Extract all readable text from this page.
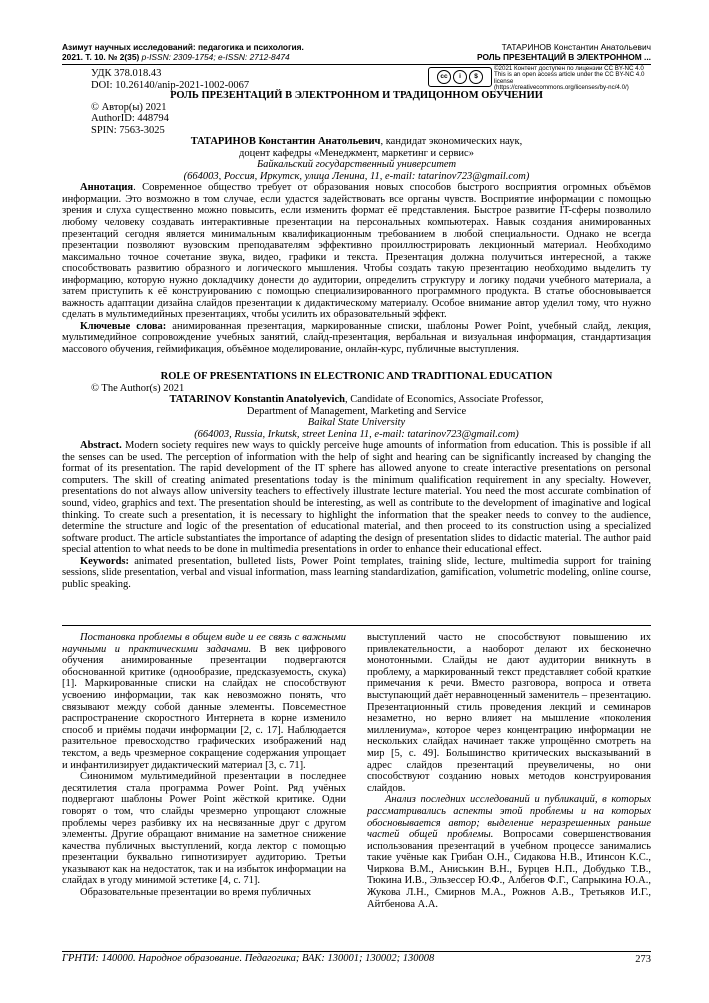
Азимут научных исследований: педагогика и психология.
2021. Т. 10. № 2(35) p-ISSN: 2309-1754; e-ISSN: 2712-8474
ТАТАРИНОВ Константин Анатольевич
РОЛЬ ПРЕЗЕНТАЦИЙ В ЭЛЕКТРОННОМ ...
УДК 378.018.43
DOI: 10.26140/anip-2021-1002-0067
cc	i	$
©2021 Контент доступен по лицензии CC BY-NC 4.0
This is an open access article under the CC BY-NC 4.0 license
(https://creativecommons.org/licenses/by-nc/4.0/)
РОЛЬ ПРЕЗЕНТАЦИЙ В ЭЛЕКТРОННОМ И ТРАДИЦОННОМ ОБУЧЕНИИ
© Автор(ы) 2021
AuthorID: 448794
SPIN: 7563-3025
ТАТАРИНОВ Константин Анатольевич, кандидат экономических наук,
доцент кафедры «Менеджмент, маркетинг и сервис»
Байкальский государственный университет
(664003, Россия, Иркутск, улица Ленина, 11, e-mail: tatarinov723@gmail.com)

Аннотация. Современное общество требует от образования новых способов быстрого восприятия огромных объёмов информации. Это возможно в том случае, если удастся задействовать все органы чувств. Восприятие информации с помощью зрения и слуха существенно можно повысить, если изменить формат её представления. Быстрое развитие IT-сферы позволило любому человеку создавать интерактивные презентации на персональных компьютерах. Навык создания анимированных презентаций сегодня является минимальным квалификационным требованием в любой специальности. Однако не всегда презентации позволяют вузовским преподавателям эффективно проиллюстрировать лекционный материал. Необходимо максимально точное сочетание звука, видео, графики и текста. Презентация должна получиться интересной, а также способствовать развитию образного и логического мышления. Чтобы создать такую презентацию необходимо выделить ту информацию, которую нужно докладчику донести до аудитории, определить структуру и логику подачи учебного материала, а затем приступить к её конструированию с помощью специализированного программного продукта. В статье обосновывается важность адаптации дизайна слайдов презентации к дидактическому материалу. Особое внимание автор уделил тому, что нужно сделать в мультимедийных презентациях, чтобы усилить их образовательный эффект.

Ключевые слова: анимированная презентация, маркированные списки, шаблоны Power Point, учебный слайд, лекция, мультимедийное сопровождение учебных занятий, слайд-презентация, вербальная и визуальная информация, стандартизация массового обучения, геймификация, объёмное моделирование, онлайн-курс, публичные выступления.

ROLE OF PRESENTATIONS IN ELECTRONIC AND TRADITIONAL EDUCATION
© The Author(s) 2021
TATARINOV Konstantin Anatolyevich, Candidate of Economics, Associate Professor,
Department of Management, Marketing and Service
Baikal State University
(664003, Russia, Irkutsk, street Lenina 11, e-mail: tatarinov723@gmail.com)

Abstract. Modern society requires new ways to quickly perceive huge amounts of information from education. This is possible if all the senses can be used. The perception of information with the help of sight and hearing can be significantly increased by changing the format of its presentation. The rapid development of the IT sphere has allowed anyone to create interactive presentations on personal computers. The skill of creating animated presentations today is the minimum qualification requirement in any specialty. However, presentations do not always allow university teachers to effectively illustrate lecture material. You need the most accurate combination of sound, video, graphics and text. The presentation should be interesting, as well as contribute to the development of imaginative and logical thinking. To create such a presentation, it is necessary to highlight the information that the speaker needs to convey to the audience, determine the structure and logic of the presentation of educational material, and then proceed to its construction using a specialized software product. The article substantiates the importance of adapting the design of presentation slides to didactic material. The author paid special attention to what needs to be done in multimedia presentations in order to enhance their educational effect.

Keywords: animated presentation, bulleted lists, Power Point templates, training slide, lecture, multimedia support for training sessions, slide presentation, verbal and visual information, mass learning standardization, gamification, volumetric modeling, online course, public speaking.

Постановка проблемы в общем виде и ее связь с важными научными и практическими задачами. В век цифрового обучения анимированные презентации подвергаются обоснованной критике (однообразие, предсказуемость, скука) [1]. Маркированные списки на слайдах не способствуют усвоению информации, так как невозможно понять, что связывают между собой данные элементы. Повсеместное распространение скоростного Интернета в корне изменило способ и приёмы подачи информации [2, с. 17]. Наблюдается разительное превосходство графических изображений над текстом, а ведь чрезмерное сокращение содержания упрощает и инфантилизирует дидактический материал [3, с. 71].

Синонимом мультимедийной презентации в последнее десятилетия стала программа Power Point. Ряд учёных подвергают шаблоны Power Point жёсткой критике. Одни говорят о том, что слайды чрезмерно упрощают сложные проблемы через разбивку их на несвязанные друг с другом элементы. Другие обращают внимание на заметное снижение качества публичных выступлений, когда лектор с помощью презентации буквально гипнотизирует аудиторию. Третьи указывают как на недостаток, так и на избыток информации на слайдах в угоду минимой эстетике [4, с. 71].

Образовательные презентации во время публичных

выступлений часто не способствуют повышению их привлекательности, а наоборот делают их бесконечно монотонными. Слайды не дают аудитории вникнуть в проблему, а маркированный текст представляет собой краткие примечания к речи. Вместо разговора, вопроса и ответа выступающий даёт неравноценный заменитель – презентацию. Презентационный стиль проведения лекций и семинаров незаметно, но верно влияет на мышление «поколения миллениума», которое через концентрацию информации не нескольких слайдах начинает также упрощённо смотреть на мир [5, с. 49]. Большинство критических высказываний в адрес слайдов презентаций преувеличены, но они способствуют созданию новых методов конструирования слайдов.

Анализ последних исследований и публикаций, в которых рассматривались аспекты этой проблемы и на которых обосновывается автор; выделение неразрешенных раньше частей общей проблемы. Вопросами совершенствования использования презентаций в учебном процессе занимались такие учёные как Грибан О.Н., Сидакова Н.В., Итинсон К.С., Чиркова В.М., Аниськин В.Н., Бурцев Н.П., Добудько Т.В., Тюкина И.В., Эльзессер Ю.Ф., Албегов Ф.Г., Сапрыкина Ю.А., Жукова Л.Н., Смирнов М.А., Рожнов А.В., Третьяков И.Г., Айтбенова А.А.

ГРНТИ: 140000. Народное образование. Педагогика; ВАК: 130001; 130002; 130008	273
